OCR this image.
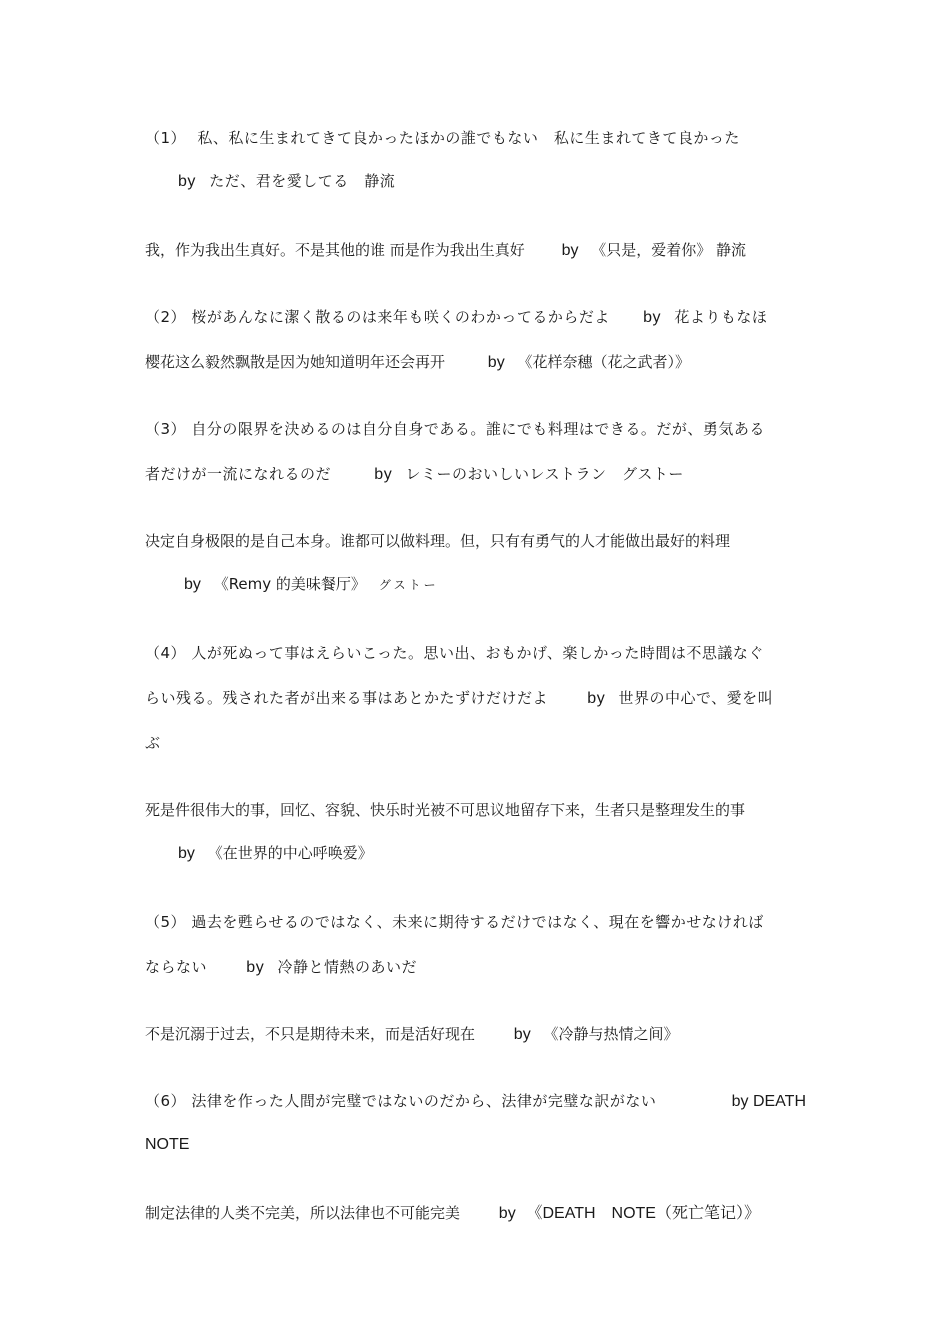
（1） 私、私に生まれてきて良かったほかの誰でもない　私に生まれてきて良かった
by ただ、君を愛してる　静流
我，作为我出生真好。不是其他的谁 而是作为我出生真好 by 《只是，爱着你》 静流
（2） 桜があんなに潔く散るのは来年も咲くのわかってるからだよ by 花よりもなほ
樱花这么毅然飘散是因为她知道明年还会再开	by 《花样奈穗（花之武者）》
（3） 自分の限界を決めるのは自分自身である。誰にでも料理はできる。だが、勇気ある
者だけが一流になれるのだ	by レミーのおいしいレストラン　グストー
决定自身极限的是自己本身。谁都可以做料理。但，只有有勇气的人才能做出最好的料理
by 《Remy 的美味餐厅》 グストー
（4） 人が死ぬって事はえらいこった。思い出、おもかげ、楽しかった時間は不思議なぐ
らい残る。残された者が出来る事はあとかたずけだけだよ by 世界の中心で、愛を叫
ぶ
死是件很伟大的事，回忆、容貌、快乐时光被不可思议地留存下来，生者只是整理发生的事
by 《在世界的中心呼唤爱》
（5） 過去を甦らせるのではなく、未来に期待するだけではなく、現在を響かせなければ
ならない by 冷静と情熱のあいだ
不是沉溺于过去，不只是期待未来，而是活好现在 by 《冷静与热情之间》
（6） 法律を作った人間が完璧ではないのだから、法律が完璧な訳がない	by DEATH
NOTE
制定法律的人类不完美，所以法律也不可能完美 by 《DEATH　NOTE（死亡笔记）》
